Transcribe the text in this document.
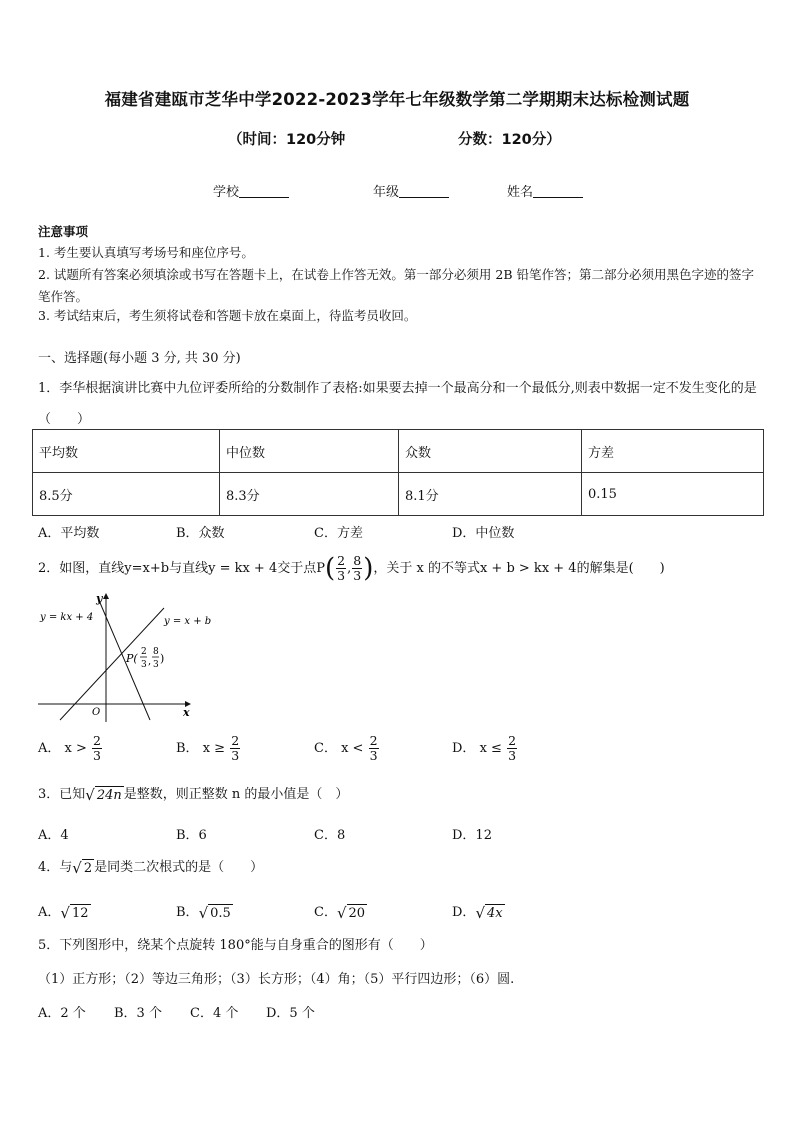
福建省建瓯市芝华中学2022-2023学年七年级数学第二学期期末达标检测试题
（时间：120分钟	分数：120分）
学校	年级	姓名
注意事项
1. 考生要认真填写考场号和座位序号。
2. 试题所有答案必须填涂或书写在答题卡上，在试卷上作答无效。第一部分必须用 2B 铅笔作答；第二部分必须用黑色字迹的签字笔作答。
3. 考试结束后，考生须将试卷和答题卡放在桌面上，待监考员收回。
一、选择题(每小题 3 分, 共 30 分)
1．李华根据演讲比赛中九位评委所给的分数制作了表格:如果要去掉一个最高分和一个最低分,则表中数据一定不发生变化的是（　　）
平均数	中位数	众数	方差
8.5分	8.3分	8.1分	0.15
A．平均数	B．众数	C．方差	D．中位数
2．如图，直线y=x+b与直线y = kx + 4交于点$P( \frac{2}{3}$ , $\frac{8}{3}$ )，关于 x 的不等式x + b > kx + 4的解集是(　　)
y = kx + 4	y = x + b
y
x
O
P( 2
3 ,
8
3 )
A． $x > \frac{2}{3}$	B． $x \ge \frac{2}{3}$	C． $x < \frac{2}{3}$	D． $x \le \frac{2}{3}$
3．已知 √ 24n 是整数，则正整数 n 的最小值是（　）
A．4	B．6	C．8	D．12
4．与 √ 2 是同类二次根式的是（　　）
A． √ 12	B． √ 0.5	C． √ 20	D． √ 4x
5．下列图形中，绕某个点旋转 180°能与自身重合的图形有（　　）
（1）正方形；（2）等边三角形；（3）长方形；（4）角；（5）平行四边形；（6）圆.
A．2 个 B．3 个 C．4 个 D．5 个
